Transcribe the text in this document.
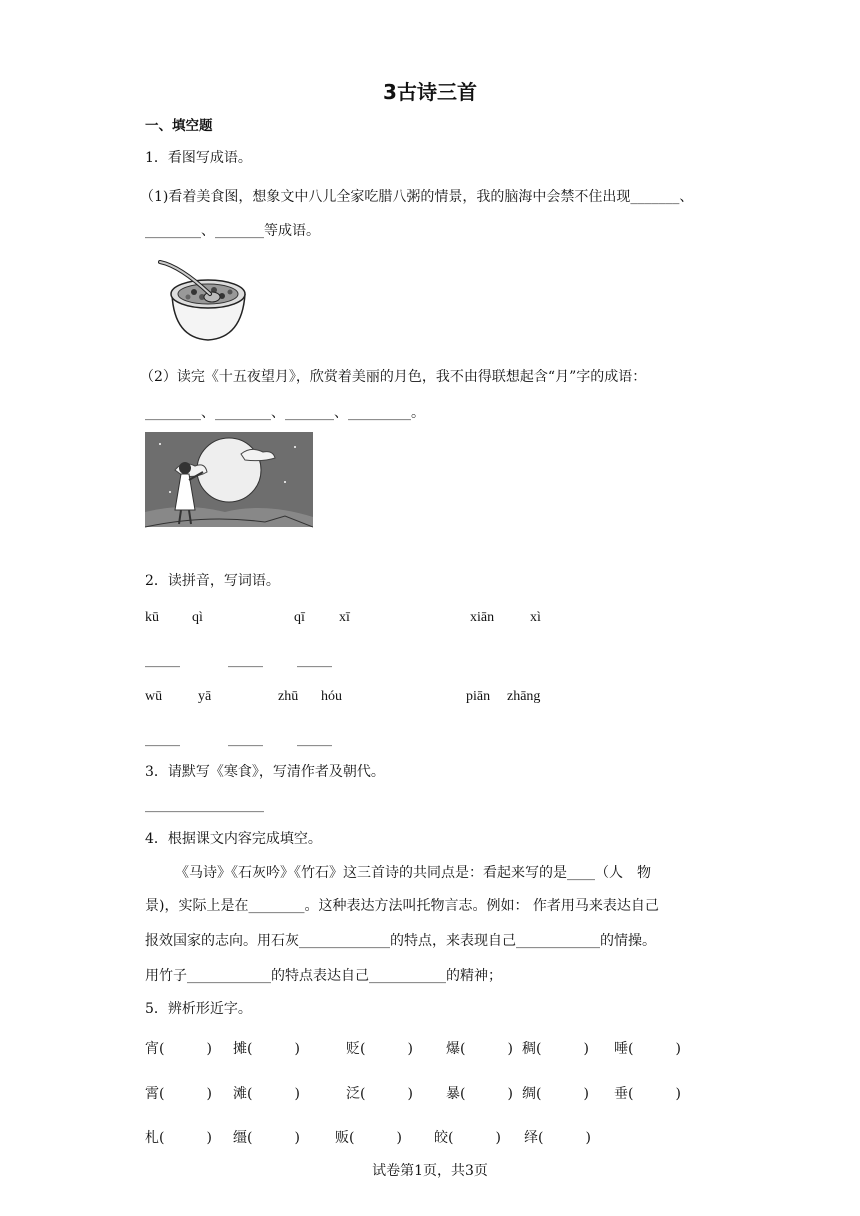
3古诗三首
一、填空题
1．看图写成语。
（1)看着美食图，想象文中八儿全家吃腊八粥的情景，我的脑海中会禁不住出现_______、
________、_______等成语。
（2）读完《十五夜望月》，欣赏着美丽的月色，我不由得联想起含“月”字的成语：
________、________、_______、_________。
2．读拼音，写词语。
kū qì	qī xī	xiān	xì
_____	_____ _____
wū	yā	zhū hóu	piān zhāng
_____	_____ _____
3．请默写《寒食》，写清作者及朝代。
_________________
4．根据课文内容完成填空。
《马诗》《石灰吟》《竹石》这三首诗的共同点是：看起来写的是____（人　物
景)，实际上是在________。这种表达方法叫托物言志。例如： 作者用马来表达自己
报效国家的志向。用石灰_____________的特点，来表现自己____________的情操。
用竹子____________的特点表达自己___________的精神；
5．辨析形近字。
宵(　　　) 摊(　　　)	贬(　　　) 爆(　　　) 稠(　　　) 唾(　　　)
霄(　　　) 滩(　　　)	泛(　　　) 暴(　　　) 绸(　　　) 垂(　　　)
札(　　　) 缰(　　　)	贩(　　　) 皎(　　　) 绎(　　　)
试卷第1页，共3页
